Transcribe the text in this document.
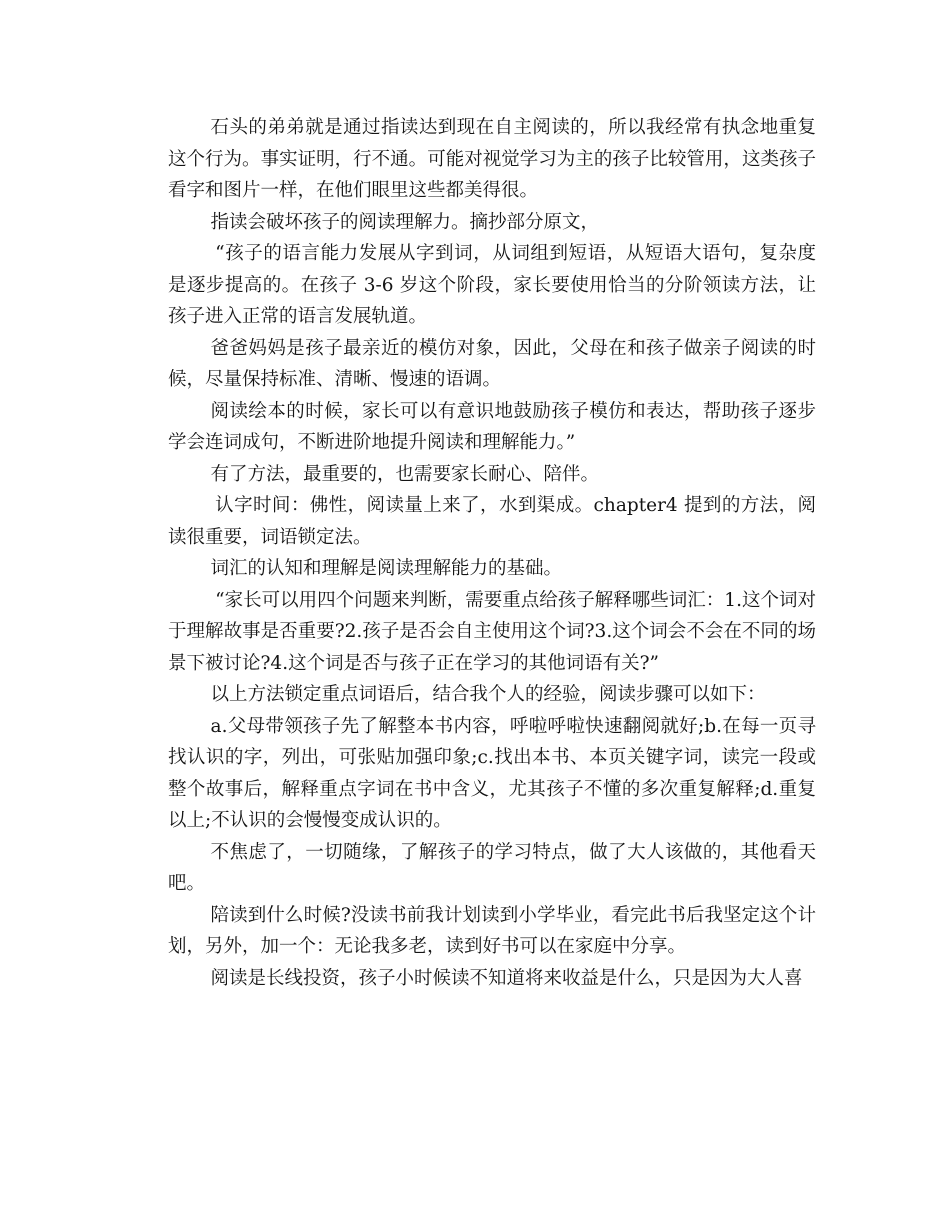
石头的弟弟就是通过指读达到现在自主阅读的，所以我经常有执念地重复这个行为。事实证明，行不通。可能对视觉学习为主的孩子比较管用，这类孩子看字和图片一样，在他们眼里这些都美得很。

指读会破坏孩子的阅读理解力。摘抄部分原文，

“孩子的语言能力发展从字到词，从词组到短语，从短语大语句，复杂度是逐步提高的。在孩子 3-6 岁这个阶段，家长要使用恰当的分阶领读方法，让孩子进入正常的语言发展轨道。

爸爸妈妈是孩子最亲近的模仿对象，因此，父母在和孩子做亲子阅读的时候，尽量保持标准、清晰、慢速的语调。

阅读绘本的时候，家长可以有意识地鼓励孩子模仿和表达，帮助孩子逐步学会连词成句，不断进阶地提升阅读和理解能力。”

有了方法，最重要的，也需要家长耐心、陪伴。

认字时间：佛性，阅读量上来了，水到渠成。chapter4 提到的方法，阅读很重要，词语锁定法。

词汇的认知和理解是阅读理解能力的基础。

“家长可以用四个问题来判断，需要重点给孩子解释哪些词汇：1.这个词对于理解故事是否重要?2.孩子是否会自主使用这个词?3.这个词会不会在不同的场景下被讨论?4.这个词是否与孩子正在学习的其他词语有关?”

以上方法锁定重点词语后，结合我个人的经验，阅读步骤可以如下：

a.父母带领孩子先了解整本书内容，呼啦呼啦快速翻阅就好;b.在每一页寻找认识的字，列出，可张贴加强印象;c.找出本书、本页关键字词，读完一段或整个故事后，解释重点字词在书中含义，尤其孩子不懂的多次重复解释;d.重复以上;不认识的会慢慢变成认识的。

不焦虑了，一切随缘，了解孩子的学习特点，做了大人该做的，其他看天吧。

陪读到什么时候?没读书前我计划读到小学毕业，看完此书后我坚定这个计划，另外，加一个：无论我多老，读到好书可以在家庭中分享。

阅读是长线投资，孩子小时候读不知道将来收益是什么，只是因为大人喜
